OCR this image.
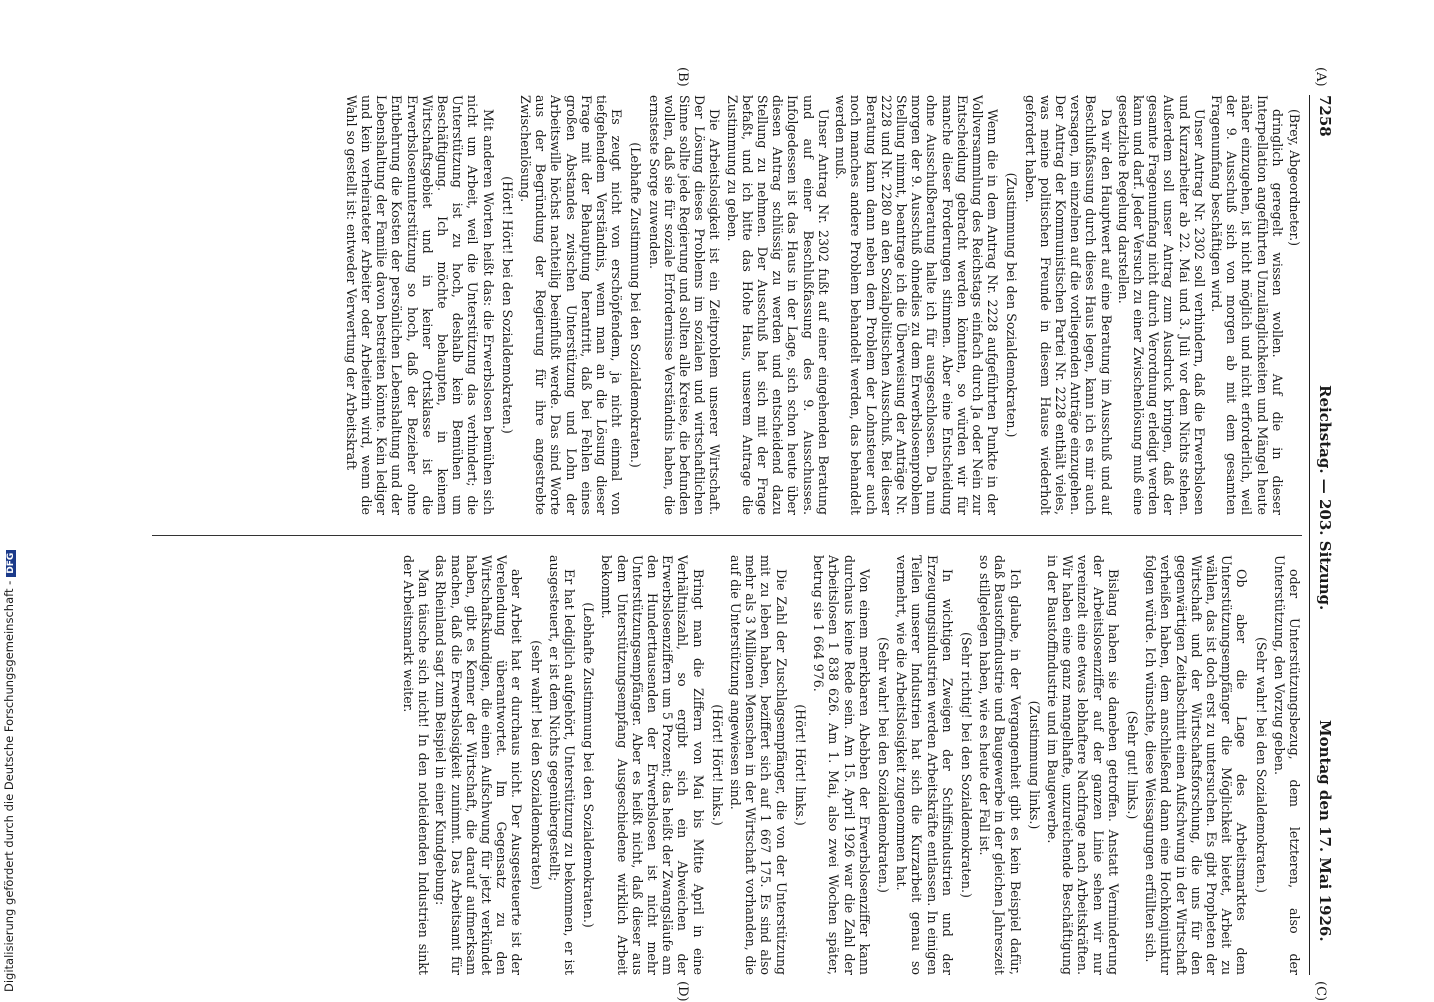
7258
Reichstag. — 203. Sitzung.
Montag den 17. Mai 1926.
(A)
(B)
(C)
(D)

(Brey, Abgeordneter.)

dringlich geregelt wissen wollen. Auf die in dieser Interpellation angeführten Unzulänglichkeiten und Mängel heute näher einzugehen, ist nicht möglich und nicht erforderlich, weil der 9. Ausschuß sich von morgen ab mit dem gesamten Fragenumfang beschäftigen wird.

Unser Antrag Nr. 2302 soll verhindern, daß die Erwerbslosen und Kurzarbeiter ab 22. Mai und 3. Juli vor dem Nichts stehen. Außerdem soll unser Antrag zum Ausdruck bringen, daß der gesamte Fragenumfang nicht durch Verordnung erledigt werden kann und darf. Jeder Versuch zu einer Zwischenlösung muß eine gesetzliche Regelung darstellen.

Da wir den Hauptwert auf eine Beratung im Ausschuß und auf Beschlußfassung durch dieses Haus legen, kann ich es mir auch versagen, im einzelnen auf die vorliegenden Anträge einzugehen. Der Antrag der Kommunistischen Partei Nr. 2228 enthält vieles, was meine politischen Freunde in diesem Hause wiederholt gefordert haben.

(Zustimmung bei den Sozialdemokraten.)

Wenn die in dem Antrag Nr. 2228 aufgeführten Punkte in der Vollversammlung des Reichstags einfach durch Ja oder Nein zur Entscheidung gebracht werden könnten, so würden wir für manche dieser Forderungen stimmen. Aber eine Entscheidung ohne Ausschußberatung halte ich für ausgeschlossen. Da nun morgen der 9. Ausschuß ohnedies zu dem Erwerbslosenproblem Stellung nimmt, beantrage ich die Überweisung der Anträge Nr. 2228 und Nr. 2280 an den Sozialpolitischen Ausschuß. Bei dieser Beratung kann dann neben dem Problem der Lohnsteuer auch noch manches andere Problem behandelt werden, das behandelt werden muß.

Unser Antrag Nr. 2302 fußt auf einer eingehenden Beratung und auf einer Beschlußfassung des 9. Ausschusses. Infolgedessen ist das Haus in der Lage, sich schon heute über diesen Antrag schlüssig zu werden und entscheidend dazu Stellung zu nehmen. Der Ausschuß hat sich mit der Frage befaßt, und ich bitte das Hohe Haus, unserem Antrage die Zustimmung zu geben.

Die Arbeitslosigkeit ist ein Zeitproblem unserer Wirtschaft. Der Lösung dieses Problems im sozialen und wirtschaftlichen Sinne sollte jede Regierung und sollten alle Kreise, die befunden wollen, daß sie für soziale Erfordernisse Verständnis haben, die ernsteste Sorge zuwenden.

(Lebhafte Zustimmung bei den Sozialdemokraten.)

Es zeugt nicht von erschöpfendem, ja nicht einmal von tiefgehendem Verständnis, wenn man an die Lösung dieser Frage mit der Behauptung herantritt, daß bei Fehlen eines großen Abstandes zwischen Unterstützung und Lohn der Arbeitswille höchst nachteilig beeinflußt werde. Das sind Worte aus der Begründung der Regierung für ihre angestrebte Zwischenlösung.

(Hört! Hört! bei den Sozialdemokraten.)

Mit anderen Worten heißt das: die Erwerbslosen bemühen sich nicht um Arbeit, weil die Unterstützung das verhindert; die Unterstützung ist zu hoch, deshalb kein Bemühen um Beschäftigung. Ich möchte behaupten, in keinem Wirtschaftsgebiet und in keiner Ortsklasse ist die Erwerbslosenunterstützung so hoch, daß der Bezieher ohne Entbehrung die Kosten der persönlichen Lebenshaltung und der Lebenshaltung der Familie davon bestreiten könnte. Kein lediger und kein verheirateter Arbeiter oder Arbeiterin wird, wenn die Wahl so gestellt ist: entweder Verwertung der Arbeitskraft

oder Unterstützungsbezug, dem letzteren, also der Unterstützung, den Vorzug geben.

(Sehr wahr! bei den Sozialdemokraten.)

Ob aber die Lage des Arbeitsmarktes dem Unterstützungsempfänger die Möglichkeit bietet, Arbeit zu wählen, das ist doch erst zu untersuchen. Es gibt Propheten der Wirtschaft und der Wirtschaftsforschung, die uns für den gegenwärtigen Zeitabschnitt einen Aufschwung in der Wirtschaft verheißen haben, dem anschließend dann eine Hochkonjunktur folgen würde. Ich wünschte, diese Weissagungen erfüllten sich.

(Sehr gut! links.)

Bislang haben sie daneben getroffen. Anstatt Verminderung der Arbeitslosenziffer auf der ganzen Linie sehen wir nur vereinzelt eine etwas lebhaftere Nachfrage nach Arbeitskräften. Wir haben eine ganz mangelhafte, unzureichende Beschäftigung in der Baustoffindustrie und im Baugewerbe.

(Zustimmung links.)

Ich glaube, in der Vergangenheit gibt es kein Beispiel dafür, daß Baustoffindustrie und Baugewerbe in der gleichen Jahreszeit so stillgelegen haben, wie es heute der Fall ist.

(Sehr richtig! bei den Sozialdemokraten.)

In wichtigen Zweigen der Schiffsindustrien und der Erzeugungsindustrien werden Arbeitskräfte entlassen. In einigen Teilen unserer Industrien hat sich die Kurzarbeit genau so vermehrt, wie die Arbeitslosigkeit zugenommen hat.

(Sehr wahr! bei den Sozialdemokraten.)

Von einem merkbaren Abebben der Erwerbslosenziffer kann durchaus keine Rede sein. Am 15. April 1926 war die Zahl der Arbeitslosen 1 838 626. Am 1. Mai, also zwei Wochen später, betrug sie 1 664 976.

(Hört! Hört! links.)

Die Zahl der Zuschlagsempfänger, die von der Unterstützung mit zu leben haben, beziffert sich auf 1 667 175. Es sind also mehr als 3 Millionen Menschen in der Wirtschaft vorhanden, die auf die Unterstützung angewiesen sind.

(Hört! Hört! links.)

Bringt man die Ziffern von Mai bis Mitte April in eine Verhältniszahl, so ergibt sich ein Abweichen der Erwerbslosenziffern um 5 Prozent; das heißt der Zwangsläufe am den Hunderttausenden der Erwerbslosen ist nicht mehr Unterstützungsempfänger. Aber es heißt nicht, daß dieser aus dem Unterstützungsempfang Ausgeschiedene wirklich Arbeit bekommt.

(Lebhafte Zustimmung bei den Sozialdemokraten.)

Er hat lediglich aufgehört, Unterstützung zu bekommen, er ist ausgesteuert, er ist dem Nichts gegenübergestellt;

(sehr wahr! bei den Sozialdemokraten)

aber Arbeit hat er durchaus nicht. Der Ausgesteuerte ist der Verelendung überantwortet. Im Gegensatz zu den Wirtschaftskundigen, die einen Aufschwung für jetzt verkündet haben, gibt es Kenner der Wirtschaft, die darauf aufmerksam machen, daß die Erwerbslosigkeit zunimmt. Das Arbeitsamt für das Rheinland sagt zum Beispiel in einer Kundgebung:

Man täusche sich nicht! In den notleidenden Industrien sinkt der Arbeitsmarkt weiter.

Digitalisierung gefördert durch die Deutsche Forschungsgemeinschaft -DFG
